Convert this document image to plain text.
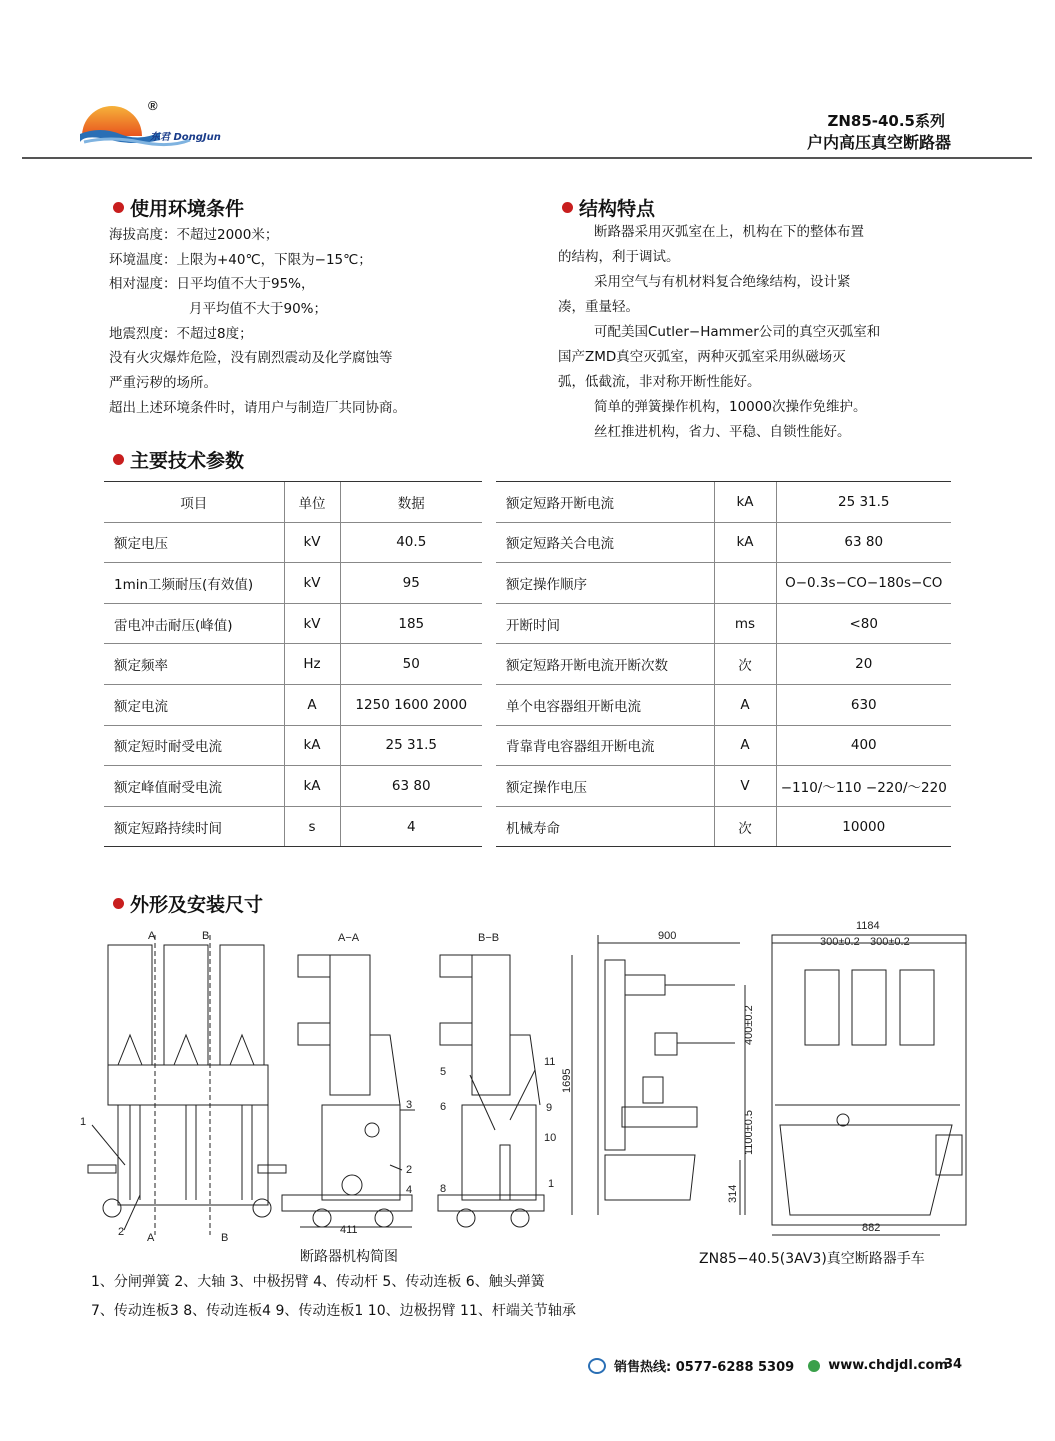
®
东君 DongJun
ZN85-40.5系列
户内高压真空断路器
使用环境条件
海拔高度：不超过2000米；
环境温度：上限为+40℃，下限为−15℃；
相对湿度：日平均值不大于95%，
月平均值不大于90%；
地震烈度：不超过8度；
没有火灾爆炸危险，没有剧烈震动及化学腐蚀等
严重污秽的场所。
超出上述环境条件时，请用户与制造厂共同协商。
结构特点
断路器采用灭弧室在上，机构在下的整体布置
的结构，利于调试。
采用空气与有机材料复合绝缘结构，设计紧
凑，重量轻。
可配美国Cutler−Hammer公司的真空灭弧室和
国产ZMD真空灭弧室，两种灭弧室采用纵磁场灭
弧，低截流，非对称开断性能好。
简单的弹簧操作机构，10000次操作免维护。
丝杠推进机构，省力、平稳、自锁性能好。
主要技术参数
项目	单位	数据
额定电压	kV	40.5
1min工频耐压(有效值)	kV	95
雷电冲击耐压(峰值)	kV	185
额定频率	Hz	50
额定电流	A	1250 1600 2000
额定短时耐受电流	kA	25 31.5
额定峰值耐受电流	kA	63 80
额定短路持续时间	s	4
额定短路开断电流	kA	25 31.5
额定短路关合电流	kA	63 80
额定操作顺序		O−0.3s−CO−180s−CO
开断时间	ms	<80
额定短路开断电流开断次数	次	20
单个电容器组开断电流	A	630
背靠背电容器组开断电流	A	400
额定操作电压	V	−110/～110 −220/～220
机械寿命	次	10000
外形及安装尺寸
A	B
A	B
A−A	B−B
1
2
3
2
4
5
6
8
9
10
11
1
411
900
1695
400±0.2
1100±0.5
314
1184
300±0.2 300±0.2
882
断路器机构简图	ZN85−40.5(3AV3)真空断路器手车
1、分闸弹簧 2、大轴 3、中极拐臂 4、传动杆 5、传动连板 6、触头弹簧
7、传动连板3 8、传动连板4 9、传动连板1 10、边极拐臂 11、杆端关节轴承
销售热线: 0577-6288 5309	www.chdjdl.com
34
